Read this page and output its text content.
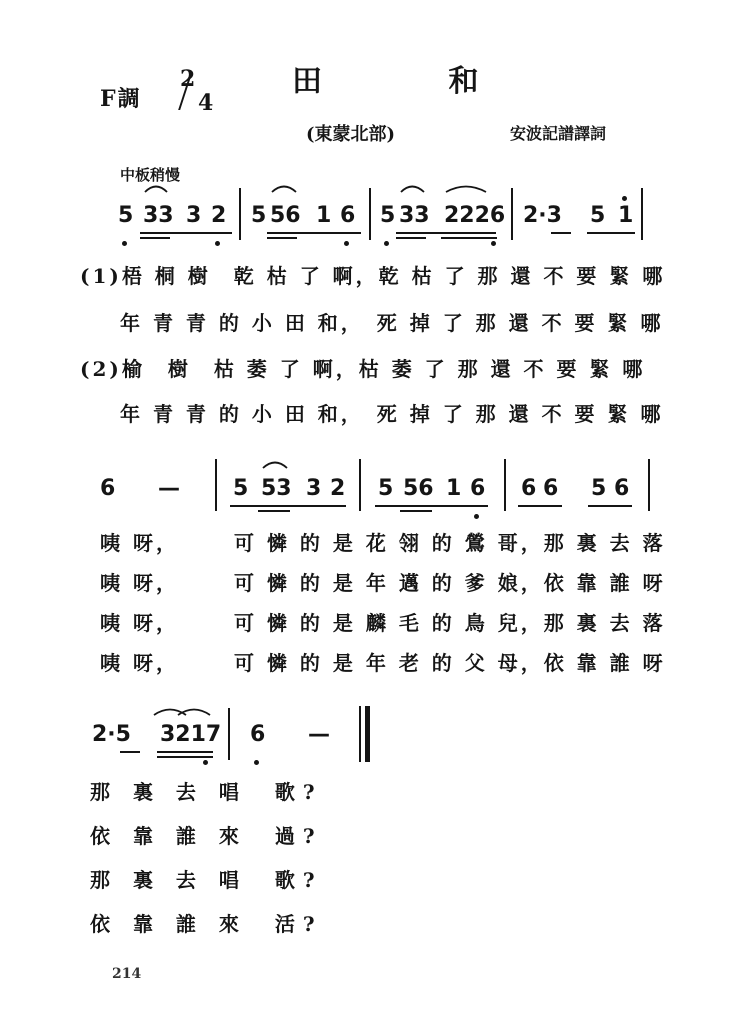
F調
2
4
田 和
(東蒙北部)	安波記譜譯詞
中板稍慢
5 33 3 2 5 56 1 6 5 33 2226 2·3 5 1
(1)梧 桐 樹　乾 枯 了 啊，乾 枯 了 那 還 不 要 緊 哪
年 青 青 的 小 田 和，　死 掉 了 那 還 不 要 緊 哪
(2)榆　樹　枯 萎 了 啊，枯 萎 了 那 還 不 要 緊 哪
年 青 青 的 小 田 和，　死 掉 了 那 還 不 要 緊 哪
6 — 5 53 3 2 5 56 1 6 6 6 5 6
咦 呀，	可 憐 的 是 花 翎 的 鶯 哥，那 裏 去 落
咦 呀，	可 憐 的 是 年 邁 的 爹 娘，依 靠 誰 呀
咦 呀，	可 憐 的 是 麟 毛 的 鳥 兒，那 裏 去 落
咦 呀，	可 憐 的 是 年 老 的 父 母，依 靠 誰 呀
2·5 3217 6 —
那 裏 去 唱　歌?
依 靠 誰 來　過?
那 裏 去 唱　歌?
依 靠 誰 來　活?
214
